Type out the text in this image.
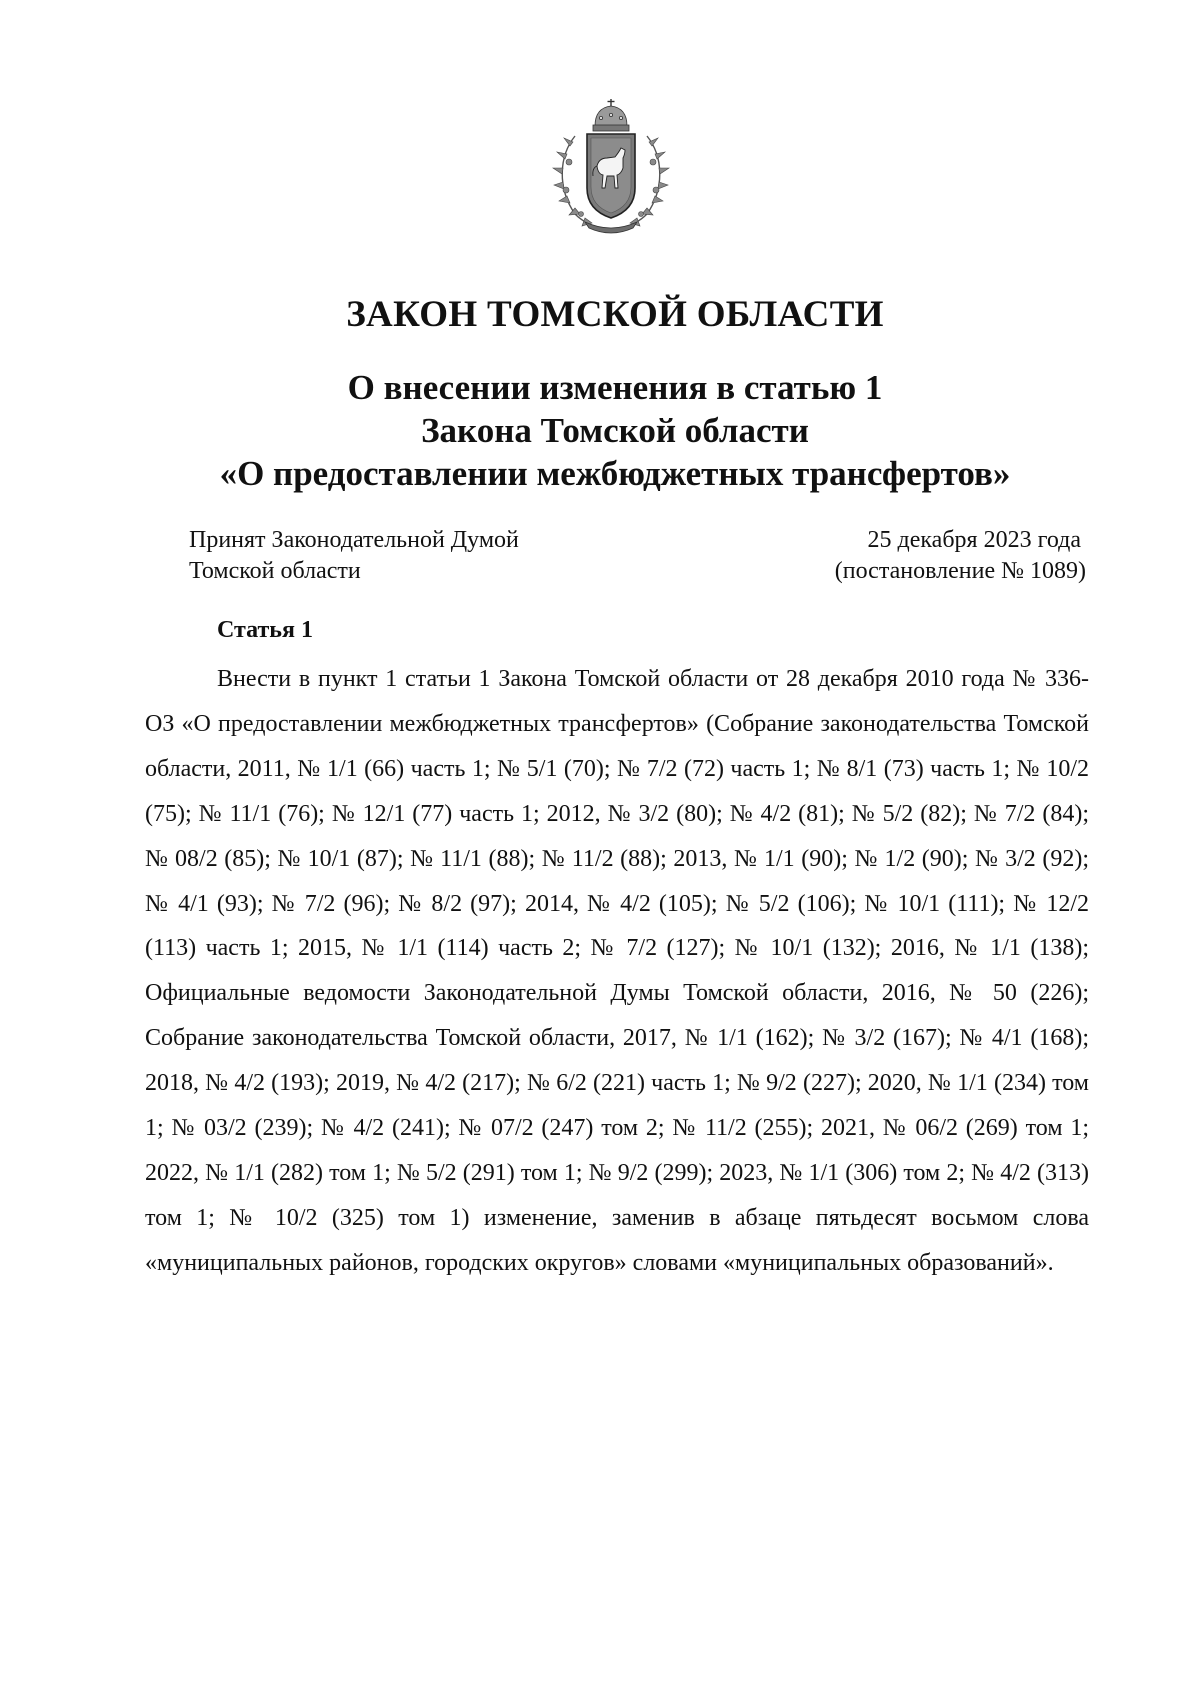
ЗАКОН ТОМСКОЙ ОБЛАСТИ
О внесении изменения в статью 1
Закона Томской области
«О предоставлении межбюджетных трансфертов»
Принят Законодательной Думой
Томской области
25 декабря 2023 года
(постановление № 1089)
Статья 1

Внести в пункт 1 статьи 1 Закона Томской области от 28 декабря 2010 года № 336-ОЗ «О предоставлении межбюджетных трансфертов» (Собрание законодательства Томской области, 2011, № 1/1 (66) часть 1; № 5/1 (70); № 7/2 (72) часть 1; № 8/1 (73) часть 1; № 10/2 (75); № 11/1 (76); № 12/1 (77) часть 1; 2012, № 3/2 (80); № 4/2 (81); № 5/2 (82); № 7/2 (84); № 08/2 (85); № 10/1 (87); № 11/1 (88); № 11/2 (88); 2013, № 1/1 (90); № 1/2 (90); № 3/2 (92); № 4/1 (93); № 7/2 (96); № 8/2 (97); 2014, № 4/2 (105); № 5/2 (106); № 10/1 (111); № 12/2 (113) часть 1; 2015, № 1/1 (114) часть 2; № 7/2 (127); № 10/1 (132); 2016, № 1/1 (138); Официальные ведомости Законодательной Думы Томской области, 2016, № 50 (226); Собрание законодательства Томской области, 2017, № 1/1 (162); № 3/2 (167); № 4/1 (168); 2018, № 4/2 (193); 2019, № 4/2 (217); № 6/2 (221) часть 1; № 9/2 (227); 2020, № 1/1 (234) том 1; № 03/2 (239); № 4/2 (241); № 07/2 (247) том 2; № 11/2 (255); 2021, № 06/2 (269) том 1; 2022, № 1/1 (282) том 1; № 5/2 (291) том 1; № 9/2 (299); 2023, № 1/1 (306) том 2; № 4/2 (313) том 1; № 10/2 (325) том 1) изменение, заменив в абзаце пятьдесят восьмом слова «муниципальных районов, городских округов» словами «муниципальных образований».
